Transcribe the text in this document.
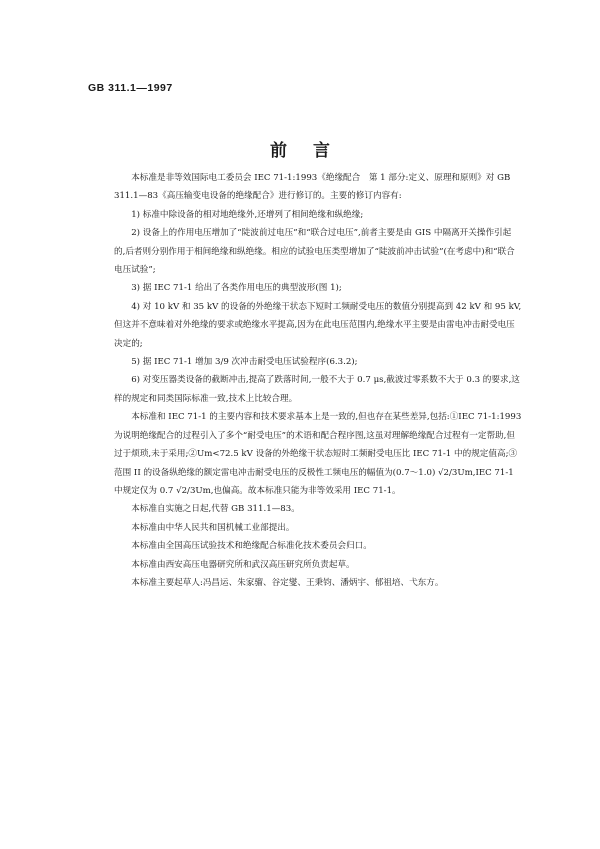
GB 311.1—1997
前言

本标准是非等效国际电工委员会 IEC 71-1:1993《绝缘配合　第 1 部分:定义、原理和原则》对 GB 311.1—83《高压输变电设备的绝缘配合》进行修订的。主要的修订内容有:

1) 标准中除设备的相对地绝缘外,还增列了相间绝缘和纵绝缘;

2) 设备上的作用电压增加了“陡波前过电压”和“联合过电压”,前者主要是由 GIS 中隔离开关操作引起的,后者则分别作用于相间绝缘和纵绝缘。相应的试验电压类型增加了“陡波前冲击试验”(在考虑中)和“联合电压试验”;

3) 据 IEC 71-1 给出了各类作用电压的典型波形(图 1);

4) 对 10 kV 和 35 kV 的设备的外绝缘干状态下短时工频耐受电压的数值分别提高到 42 kV 和 95 kV,但这并不意味着对外绝缘的要求或绝缘水平提高,因为在此电压范围内,绝缘水平主要是由雷电冲击耐受电压决定的;

5) 据 IEC 71-1 增加 3/9 次冲击耐受电压试验程序(6.3.2);

6) 对变压器类设备的截断冲击,提高了跌落时间,一般不大于 0.7 μs,截波过零系数不大于 0.3 的要求,这样的规定和同类国际标准一致,技术上比较合理。

本标准和 IEC 71-1 的主要内容和技术要求基本上是一致的,但也存在某些差异,包括:①IEC 71-1:1993 为说明绝缘配合的过程引入了多个“耐受电压”的术语和配合程序图,这虽对理解绝缘配合过程有一定帮助,但过于烦琐,未于采用;②Um<72.5 kV 设备的外绝缘干状态短时工频耐受电压比 IEC 71-1 中的规定值高;③范围 II 的设备纵绝缘的额定雷电冲击耐受电压的反极性工频电压的幅值为(0.7～1.0) √2/3Um,IEC 71-1 中规定仅为 0.7 √2/3Um,也偏高。故本标准只能为非等效采用 IEC 71-1。

本标准自实施之日起,代替 GB 311.1—83。

本标准由中华人民共和国机械工业部提出。

本标准由全国高压试验技术和绝缘配合标准化技术委员会归口。

本标准由西安高压电器研究所和武汉高压研究所负责起草。

本标准主要起草人:冯昌运、朱家骝、谷定燮、王秉钧、潘炳宇、郁祖培、弋东方。
